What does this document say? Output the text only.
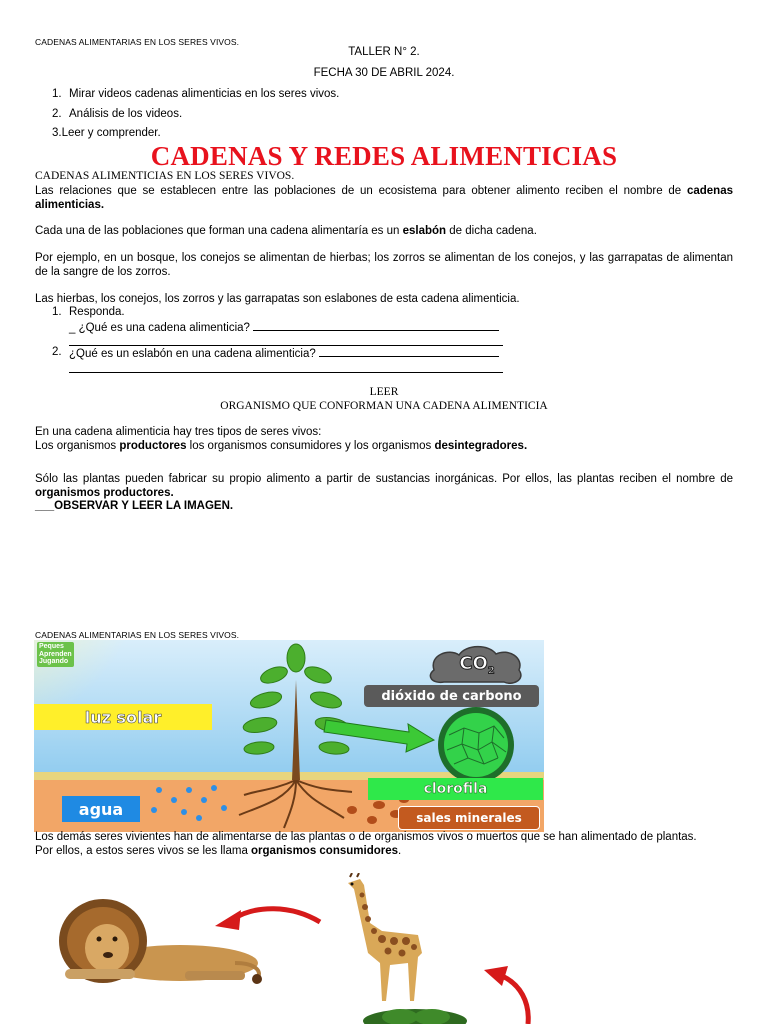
CADENAS ALIMENTARIAS EN LOS SERES VIVOS.
TALLER N° 2.
FECHA 30 DE ABRIL 2024.
1. Mirar videos cadenas alimenticias en los seres vivos.
2. Análisis de los videos.
3.Leer y comprender.
CADENAS Y REDES ALIMENTICIAS
CADENAS ALIMENTICIAS EN LOS SERES VIVOS.
Las relaciones que se establecen entre las poblaciones de un ecosistema para obtener alimento reciben el nombre de cadenas alimenticias.
Cada una de las poblaciones que forman una cadena alimentaría es un eslabón de dicha cadena.
Por ejemplo, en un bosque, los conejos se alimentan de hierbas; los zorros se alimentan de los conejos, y las garrapatas de alimentan de la sangre de los zorros.
Las hierbas, los conejos, los zorros y las garrapatas son eslabones de esta cadena alimenticia.
1. Responda.
_ ¿Qué es una cadena alimenticia?
2. ¿Qué es un eslabón en una cadena alimenticia?
LEER
ORGANISMO QUE CONFORMAN UNA CADENA ALIMENTICIA
En una cadena alimenticia hay tres tipos de seres vivos:
Los organismos productores los organismos consumidores y los organismos desintegradores.
Sólo las plantas pueden fabricar su propio alimento a partir de sustancias inorgánicas. Por ellos, las plantas reciben el nombre de organismos productores.
___OBSERVAR Y LEER LA IMAGEN.
CADENAS ALIMENTARIAS EN LOS SERES VIVOS.
Peques
Aprenden
Jugando	$CO_2$
dióxido de carbono
luz solar
clorofila
agua	sales minerales
Los demás seres vivientes han de alimentarse de las plantas o de organismos vivos o muertos que se han alimentado de plantas.
Por ellos, a estos seres vivos se les llama organismos consumidores.
